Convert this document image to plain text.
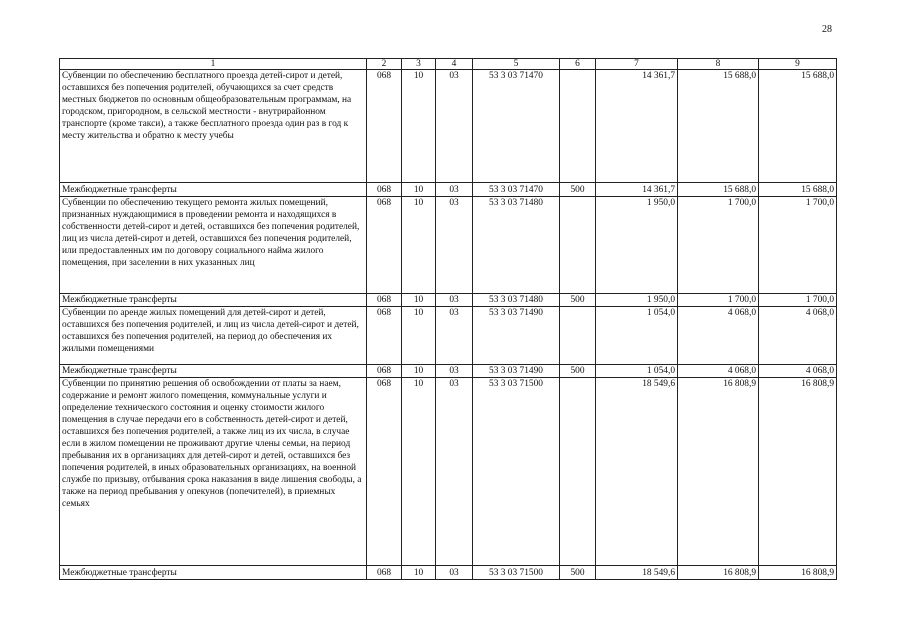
28
1	2	3	4	5	6	7	8	9
Субвенции по обеспечению бесплатного проезда детей-сирот и детей, оставшихся без попечения родителей, обучающихся за счет средств местных бюджетов по основным общеобразовательным программам, на городском, пригородном, в сельской местности - внутрирайонном транспорте (кроме такси), а также бесплатного проезда один раз в год к месту жительства и обратно к месту учебы	068	10	03	53 3 03 71470		14 361,7	15 688,0	15 688,0
Межбюджетные трансферты	068	10	03	53 3 03 71470	500	14 361,7	15 688,0	15 688,0
Субвенции по обеспечению текущего ремонта жилых помещений, признанных нуждающимися в проведении ремонта и находящихся в собственности детей-сирот и детей, оставшихся без попечения родителей, лиц из числа детей-сирот и детей, оставшихся без попечения родителей, или предоставленных им по договору социального найма жилого помещения, при заселении в них указанных лиц	068	10	03	53 3 03 71480		1 950,0	1 700,0	1 700,0
Межбюджетные трансферты	068	10	03	53 3 03 71480	500	1 950,0	1 700,0	1 700,0
Субвенции по аренде жилых помещений для детей-сирот и детей, оставшихся без попечения родителей, и лиц из числа детей-сирот и детей, оставшихся без попечения родителей, на период до обеспечения их жилыми помещениями	068	10	03	53 3 03 71490		1 054,0	4 068,0	4 068,0
Межбюджетные трансферты	068	10	03	53 3 03 71490	500	1 054,0	4 068,0	4 068,0
Субвенции по принятию решения об освобождении от платы за наем, содержание и ремонт жилого помещения, коммунальные услуги и определение технического состояния и оценку стоимости жилого помещения в случае передачи его в собственность детей-сирот и детей, оставшихся без попечения родителей, а также лиц из их числа, в случае если в жилом помещении не проживают другие члены семьи, на период пребывания их в организациях для детей-сирот и детей, оставшихся без попечения родителей, в иных образовательных организациях, на военной службе по призыву, отбывания срока наказания в виде лишения свободы, а также на период пребывания у опекунов (попечителей), в приемных семьях	068	10	03	53 3 03 71500		18 549,6	16 808,9	16 808,9
Межбюджетные трансферты	068	10	03	53 3 03 71500	500	18 549,6	16 808,9	16 808,9
